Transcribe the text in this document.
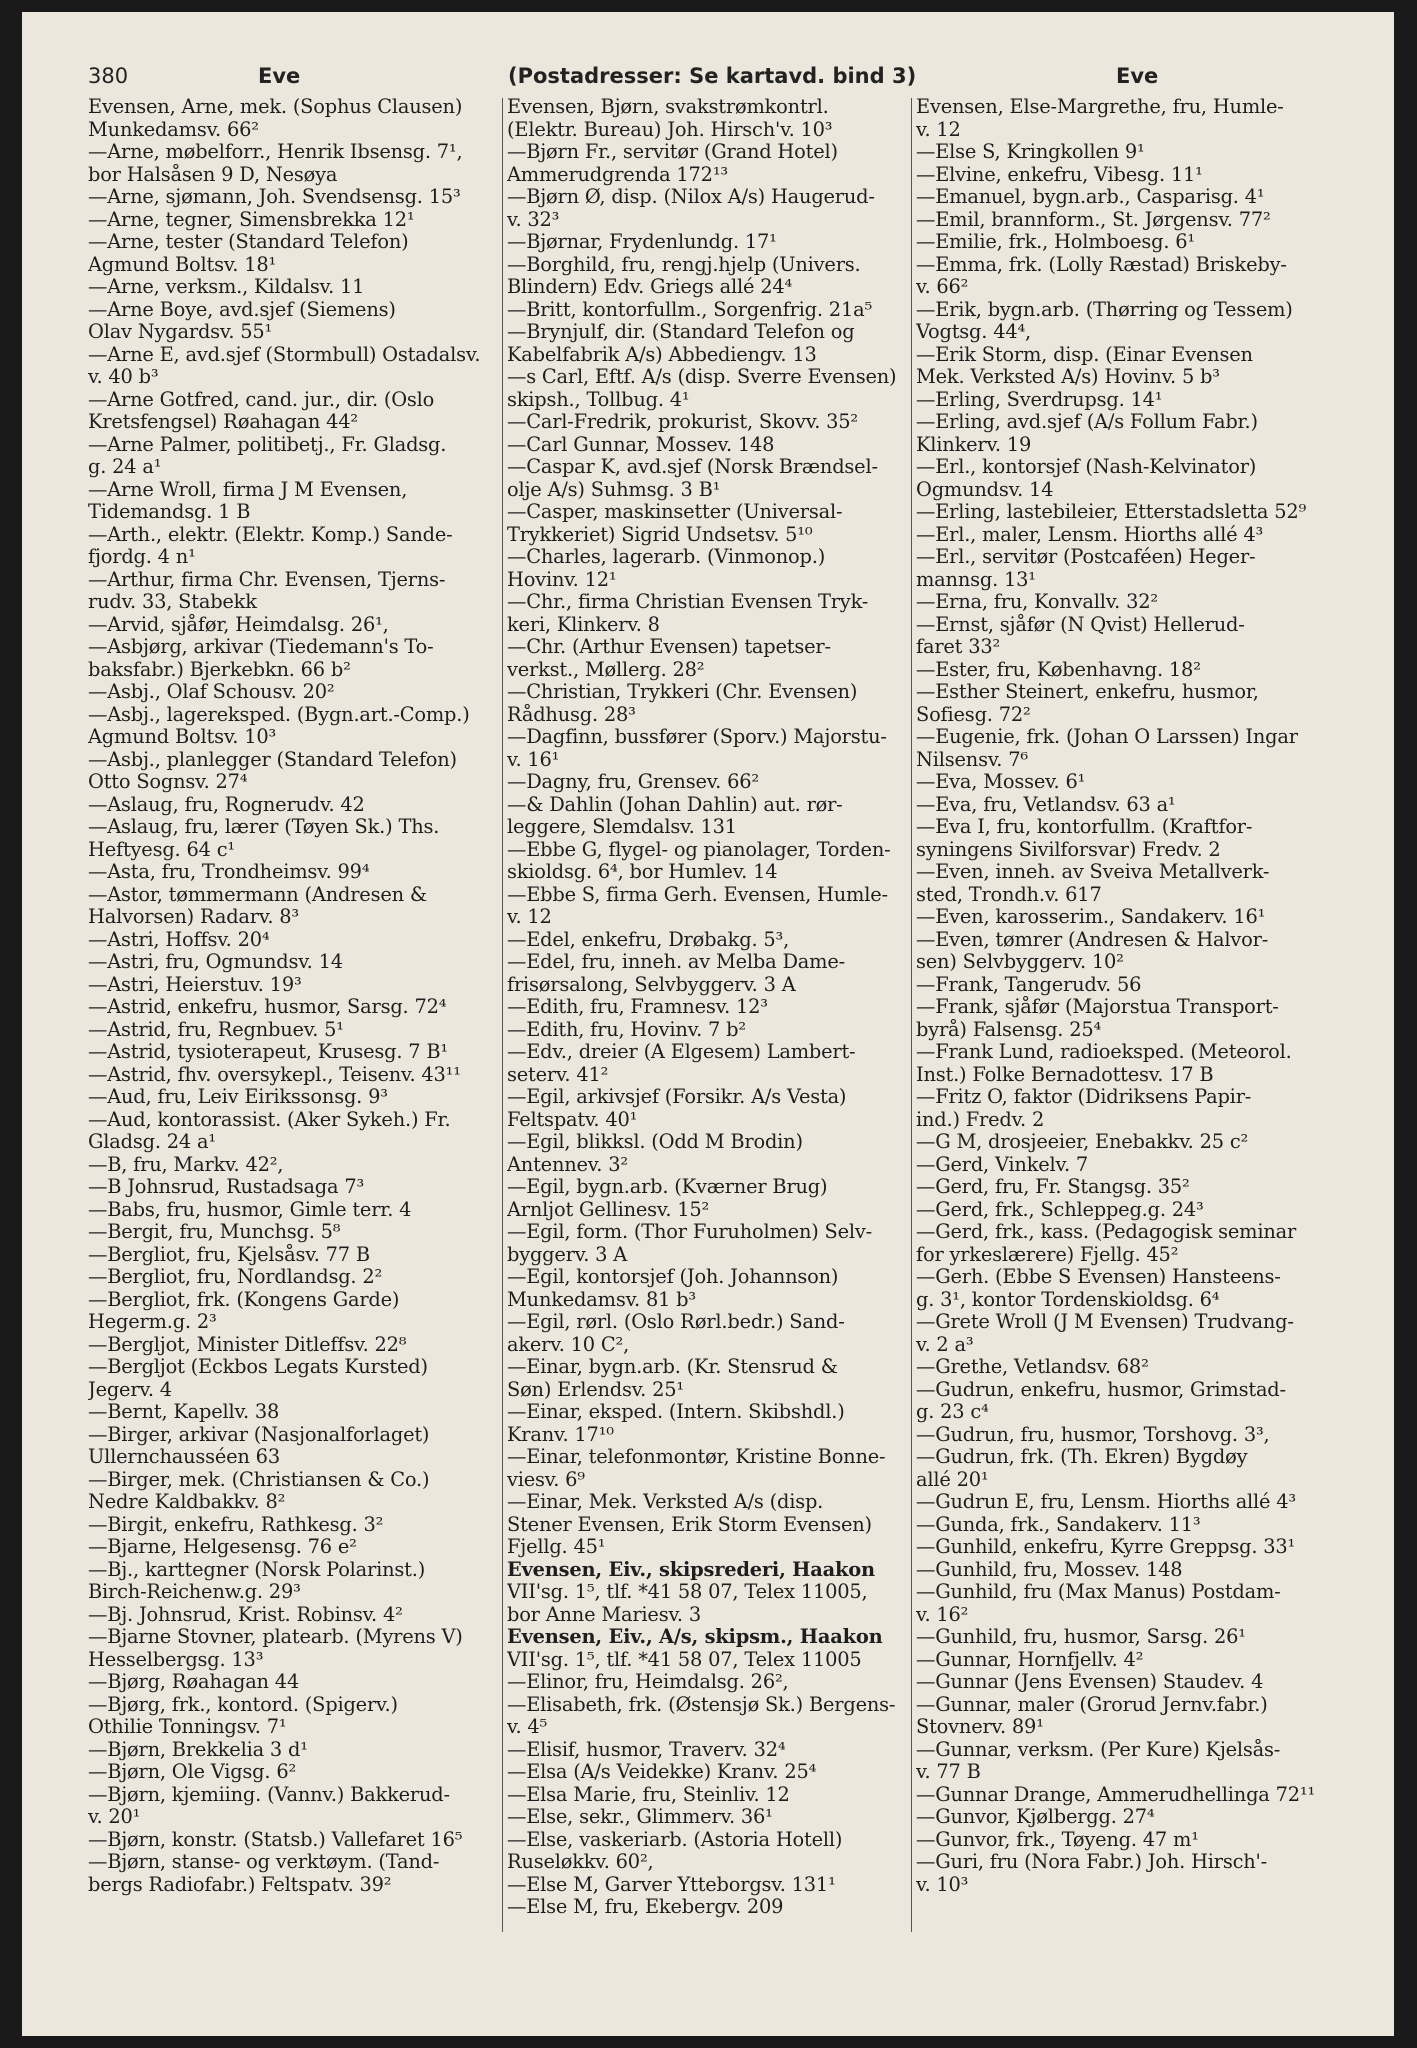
380	Eve	(Postadresser: Se kartavd. bind 3)	Eve
Evensen, Arne, mek. (Sophus Clausen)
Munkedamsv. 66²
—Arne, møbelforr., Henrik Ibsensg. 7¹,
bor Halsåsen 9 D, Nesøya
—Arne, sjømann, Joh. Svendsensg. 15³
—Arne, tegner, Simensbrekka 12¹
—Arne, tester (Standard Telefon)
Agmund Boltsv. 18¹
—Arne, verksm., Kildalsv. 11
—Arne Boye, avd.sjef (Siemens)
Olav Nygardsv. 55¹
—Arne E, avd.sjef (Stormbull) Ostadalsv.
v. 40 b³
—Arne Gotfred, cand. jur., dir. (Oslo
Kretsfengsel) Røahagan 44²
—Arne Palmer, politibetj., Fr. Gladsg.
g. 24 a¹
—Arne Wroll, firma J M Evensen,
Tidemandsg. 1 B
—Arth., elektr. (Elektr. Komp.) Sande-
fjordg. 4 n¹
—Arthur, firma Chr. Evensen, Tjerns-
rudv. 33, Stabekk
—Arvid, sjåfør, Heimdalsg. 26¹,
—Asbjørg, arkivar (Tiedemann's To-
baksfabr.) Bjerkebkn. 66 b²
—Asbj., Olaf Schousv. 20²
—Asbj., lagereksped. (Bygn.art.-Comp.)
Agmund Boltsv. 10³
—Asbj., planlegger (Standard Telefon)
Otto Sognsv. 27⁴
—Aslaug, fru, Rognerudv. 42
—Aslaug, fru, lærer (Tøyen Sk.) Ths.
Heftyesg. 64 c¹
—Asta, fru, Trondheimsv. 99⁴
—Astor, tømmermann (Andresen &
Halvorsen) Radarv. 8³
—Astri, Hoffsv. 20⁴
—Astri, fru, Ogmundsv. 14
—Astri, Heierstuv. 19³
—Astrid, enkefru, husmor, Sarsg. 72⁴
—Astrid, fru, Regnbuev. 5¹
—Astrid, tysioterapeut, Krusesg. 7 B¹
—Astrid, fhv. oversykepl., Teisenv. 43¹¹
—Aud, fru, Leiv Eirikssonsg. 9³
—Aud, kontorassist. (Aker Sykeh.) Fr.
Gladsg. 24 a¹
—B, fru, Markv. 42²,
—B Johnsrud, Rustadsaga 7³
—Babs, fru, husmor, Gimle terr. 4
—Bergit, fru, Munchsg. 5⁸
—Bergliot, fru, Kjelsåsv. 77 B
—Bergliot, fru, Nordlandsg. 2²
—Bergliot, frk. (Kongens Garde)
Hegerm.g. 2³
—Bergljot, Minister Ditleffsv. 22⁸
—Bergljot (Eckbos Legats Kursted)
Jegerv. 4
—Bernt, Kapellv. 38
—Birger, arkivar (Nasjonalforlaget)
Ullernchausséen 63
—Birger, mek. (Christiansen & Co.)
Nedre Kaldbakkv. 8²
—Birgit, enkefru, Rathkesg. 3²
—Bjarne, Helgesensg. 76 e²
—Bj., karttegner (Norsk Polarinst.)
Birch-Reichenw.g. 29³
—Bj. Johnsrud, Krist. Robinsv. 4²
—Bjarne Stovner, platearb. (Myrens V)
Hesselbergsg. 13³
—Bjørg, Røahagan 44
—Bjørg, frk., kontord. (Spigerv.)
Othilie Tonningsv. 7¹
—Bjørn, Brekkelia 3 d¹
—Bjørn, Ole Vigsg. 6²
—Bjørn, kjemiing. (Vannv.) Bakkerud-
v. 20¹
—Bjørn, konstr. (Statsb.) Vallefaret 16⁵
—Bjørn, stanse- og verktøym. (Tand-
bergs Radiofabr.) Feltspatv. 39²
Evensen, Bjørn, svakstrømkontrl.
(Elektr. Bureau) Joh. Hirsch'v. 10³
—Bjørn Fr., servitør (Grand Hotel)
Ammerudgrenda 172¹³
—Bjørn Ø, disp. (Nilox A/s) Haugerud-
v. 32³
—Bjørnar, Frydenlundg. 17¹
—Borghild, fru, rengj.hjelp (Univers.
Blindern) Edv. Griegs allé 24⁴
—Britt, kontorfullm., Sorgenfrig. 21a⁵
—Brynjulf, dir. (Standard Telefon og
Kabelfabrik A/s) Abbediengv. 13
—s Carl, Eftf. A/s (disp. Sverre Evensen)
skipsh., Tollbug. 4¹
—Carl-Fredrik, prokurist, Skovv. 35²
—Carl Gunnar, Mossev. 148
—Caspar K, avd.sjef (Norsk Brændsel-
olje A/s) Suhmsg. 3 B¹
—Casper, maskinsetter (Universal-
Trykkeriet) Sigrid Undsetsv. 5¹⁰
—Charles, lagerarb. (Vinmonop.)
Hovinv. 12¹
—Chr., firma Christian Evensen Tryk-
keri, Klinkerv. 8
—Chr. (Arthur Evensen) tapetser-
verkst., Møllerg. 28²
—Christian, Trykkeri (Chr. Evensen)
Rådhusg. 28³
—Dagfinn, bussfører (Sporv.) Majorstu-
v. 16¹
—Dagny, fru, Grensev. 66²
—& Dahlin (Johan Dahlin) aut. rør-
leggere, Slemdalsv. 131
—Ebbe G, flygel- og pianolager, Torden-
skioldsg. 6⁴, bor Humlev. 14
—Ebbe S, firma Gerh. Evensen, Humle-
v. 12
—Edel, enkefru, Drøbakg. 5³,
—Edel, fru, inneh. av Melba Dame-
frisørsalong, Selvbyggerv. 3 A
—Edith, fru, Framnesv. 12³
—Edith, fru, Hovinv. 7 b²
—Edv., dreier (A Elgesem) Lambert-
seterv. 41²
—Egil, arkivsjef (Forsikr. A/s Vesta)
Feltspatv. 40¹
—Egil, blikksl. (Odd M Brodin)
Antennev. 3²
—Egil, bygn.arb. (Kværner Brug)
Arnljot Gellinesv. 15²
—Egil, form. (Thor Furuholmen) Selv-
byggerv. 3 A
—Egil, kontorsjef (Joh. Johannson)
Munkedamsv. 81 b³
—Egil, rørl. (Oslo Rørl.bedr.) Sand-
akerv. 10 C²,
—Einar, bygn.arb. (Kr. Stensrud &
Søn) Erlendsv. 25¹
—Einar, eksped. (Intern. Skibshdl.)
Kranv. 17¹⁰
—Einar, telefonmontør, Kristine Bonne-
viesv. 6⁹
—Einar, Mek. Verksted A/s (disp.
Stener Evensen, Erik Storm Evensen)
Fjellg. 45¹
Evensen, Eiv., skipsrederi, Haakon
VII'sg. 1⁵, tlf. *41 58 07, Telex 11005,
bor Anne Mariesv. 3
Evensen, Eiv., A/s, skipsm., Haakon
VII'sg. 1⁵, tlf. *41 58 07, Telex 11005
—Elinor, fru, Heimdalsg. 26²,
—Elisabeth, frk. (Østensjø Sk.) Bergens-
v. 4⁵
—Elisif, husmor, Traverv. 32⁴
—Elsa (A/s Veidekke) Kranv. 25⁴
—Elsa Marie, fru, Steinliv. 12
—Else, sekr., Glimmerv. 36¹
—Else, vaskeriarb. (Astoria Hotell)
Ruseløkkv. 60²,
—Else M, Garver Ytteborgsv. 131¹
—Else M, fru, Ekebergv. 209
Evensen, Else-Margrethe, fru, Humle-
v. 12
—Else S, Kringkollen 9¹
—Elvine, enkefru, Vibesg. 11¹
—Emanuel, bygn.arb., Casparisg. 4¹
—Emil, brannform., St. Jørgensv. 77²
—Emilie, frk., Holmboesg. 6¹
—Emma, frk. (Lolly Ræstad) Briskeby-
v. 66²
—Erik, bygn.arb. (Thørring og Tessem)
Vogtsg. 44⁴,
—Erik Storm, disp. (Einar Evensen
Mek. Verksted A/s) Hovinv. 5 b³
—Erling, Sverdrupsg. 14¹
—Erling, avd.sjef (A/s Follum Fabr.)
Klinkerv. 19
—Erl., kontorsjef (Nash-Kelvinator)
Ogmundsv. 14
—Erling, lastebileier, Etterstadsletta 52⁹
—Erl., maler, Lensm. Hiorths allé 4³
—Erl., servitør (Postcaféen) Heger-
mannsg. 13¹
—Erna, fru, Konvallv. 32²
—Ernst, sjåfør (N Qvist) Hellerud-
faret 33²
—Ester, fru, Københavng. 18²
—Esther Steinert, enkefru, husmor,
Sofiesg. 72²
—Eugenie, frk. (Johan O Larssen) Ingar
Nilsensv. 7⁶
—Eva, Mossev. 6¹
—Eva, fru, Vetlandsv. 63 a¹
—Eva I, fru, kontorfullm. (Kraftfor-
syningens Sivilforsvar) Fredv. 2
—Even, inneh. av Sveiva Metallverk-
sted, Trondh.v. 617
—Even, karosserim., Sandakerv. 16¹
—Even, tømrer (Andresen & Halvor-
sen) Selvbyggerv. 10²
—Frank, Tangerudv. 56
—Frank, sjåfør (Majorstua Transport-
byrå) Falsensg. 25⁴
—Frank Lund, radioeksped. (Meteorol.
Inst.) Folke Bernadottesv. 17 B
—Fritz O, faktor (Didriksens Papir-
ind.) Fredv. 2
—G M, drosjeeier, Enebakkv. 25 c²
—Gerd, Vinkelv. 7
—Gerd, fru, Fr. Stangsg. 35²
—Gerd, frk., Schleppeg.g. 24³
—Gerd, frk., kass. (Pedagogisk seminar
for yrkeslærere) Fjellg. 45²
—Gerh. (Ebbe S Evensen) Hansteens-
g. 3¹, kontor Tordenskioldsg. 6⁴
—Grete Wroll (J M Evensen) Trudvang-
v. 2 a³
—Grethe, Vetlandsv. 68²
—Gudrun, enkefru, husmor, Grimstad-
g. 23 c⁴
—Gudrun, fru, husmor, Torshovg. 3³,
—Gudrun, frk. (Th. Ekren) Bygdøy
allé 20¹
—Gudrun E, fru, Lensm. Hiorths allé 4³
—Gunda, frk., Sandakerv. 11³
—Gunhild, enkefru, Kyrre Greppsg. 33¹
—Gunhild, fru, Mossev. 148
—Gunhild, fru (Max Manus) Postdam-
v. 16²
—Gunhild, fru, husmor, Sarsg. 26¹
—Gunnar, Hornfjellv. 4²
—Gunnar (Jens Evensen) Staudev. 4
—Gunnar, maler (Grorud Jernv.fabr.)
Stovnerv. 89¹
—Gunnar, verksm. (Per Kure) Kjelsås-
v. 77 B
—Gunnar Drange, Ammerudhellinga 72¹¹
—Gunvor, Kjølbergg. 27⁴
—Gunvor, frk., Tøyeng. 47 m¹
—Guri, fru (Nora Fabr.) Joh. Hirsch'-
v. 10³
